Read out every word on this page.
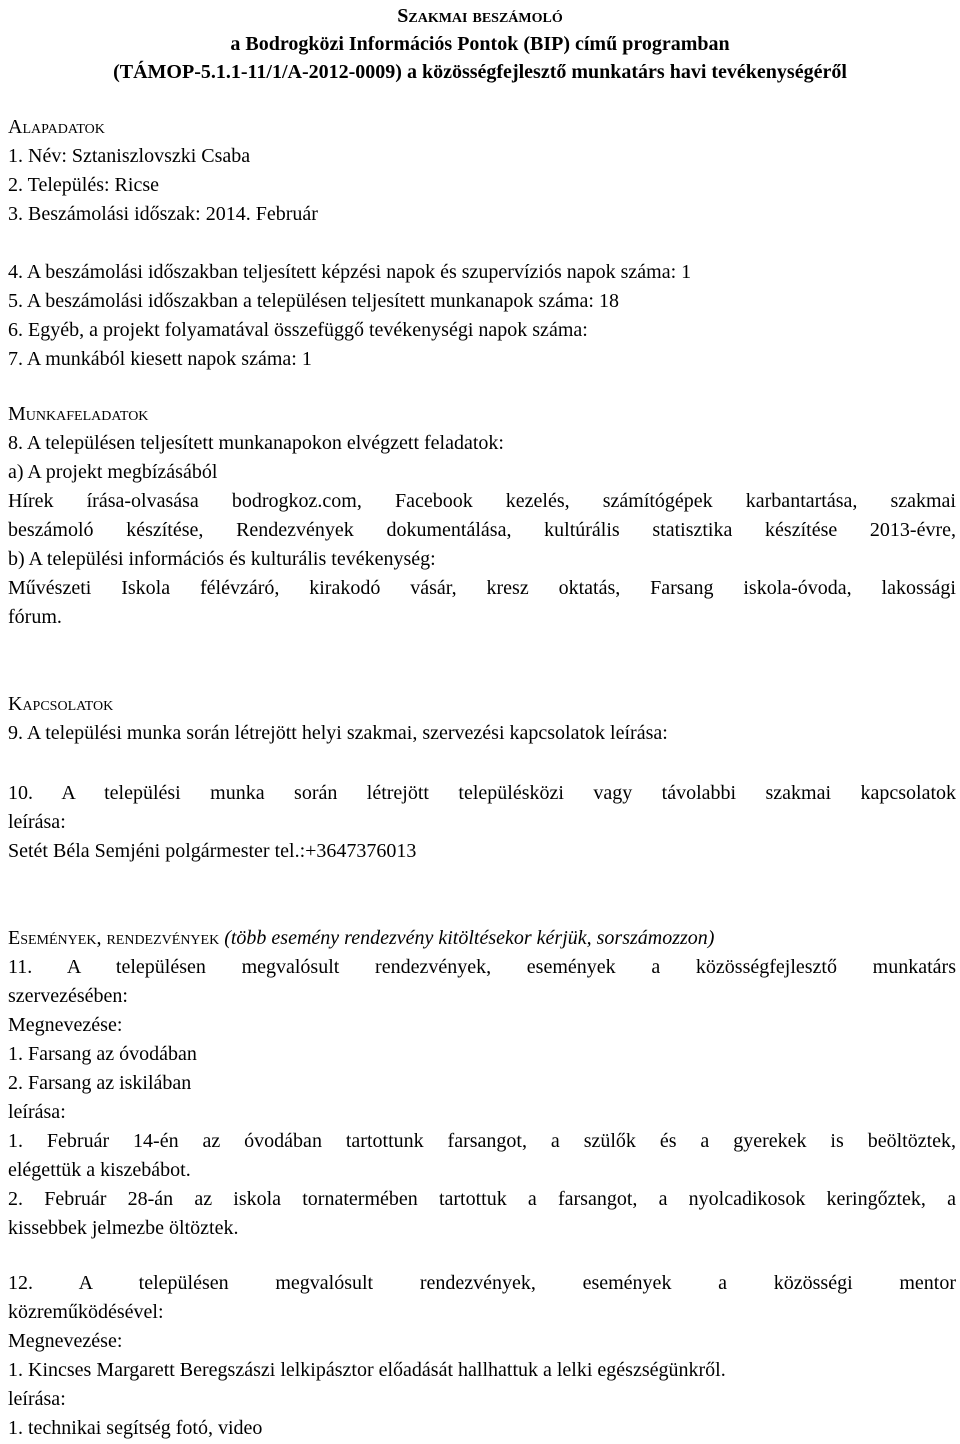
Szakmai beszámoló
a Bodrogközi Információs Pontok (BIP) című programban
(TÁMOP-5.1.1-11/1/A-2012-0009) a közösségfejlesztő munkatárs havi tevékenységéről
Alapadatok
1. Név: Sztaniszlovszki Csaba
2. Település: Ricse
3. Beszámolási időszak: 2014. Február
4. A beszámolási időszakban teljesített képzési napok és szupervíziós napok száma: 1
5. A beszámolási időszakban a településen teljesített munkanapok száma: 18
6. Egyéb, a projekt folyamatával összefüggő tevékenységi napok száma:
7. A munkából kiesett napok száma: 1
Munkafeladatok
8. A településen teljesített munkanapokon elvégzett feladatok:
a) A projekt megbízásából
Hírek írása-olvasása bodrogkoz.com, Facebook kezelés, számítógépek karbantartása, szakmai
beszámoló készítése, Rendezvények dokumentálása, kultúrális statisztika készítése 2013-évre,
b) A települési információs és kulturális tevékenység:
Művészeti Iskola félévzáró, kirakodó vásár, kresz oktatás, Farsang iskola-óvoda, lakossági
fórum.
Kapcsolatok
9. A települési munka során létrejött helyi szakmai, szervezési kapcsolatok leírása:
10. A települési munka során létrejött településközi vagy távolabbi szakmai kapcsolatok
leírása:
Setét Béla Semjéni polgármester tel.:+3647376013
Események, rendezvények (több esemény rendezvény kitöltésekor kérjük, sorszámozzon)
11. A településen megvalósult rendezvények, események a közösségfejlesztő munkatárs
szervezésében:
Megnevezése:
1. Farsang az óvodában
2. Farsang az iskilában
leírása:
1. Február 14-én az óvodában tartottunk farsangot, a szülők és a gyerekek is beöltöztek,
elégettük a kiszebábot.
2. Február 28-án az iskola tornatermében tartottuk a farsangot, a nyolcadikosok keringőztek, a
kissebbek jelmezbe öltöztek.
12. A településen megvalósult rendezvények, események a közösségi mentor
közreműködésével:
Megnevezése:
1. Kincses Margarett Beregszászi lelkipásztor előadását hallhattuk a lelki egészségünkről.
leírása:
1. technikai segítség fotó, video
